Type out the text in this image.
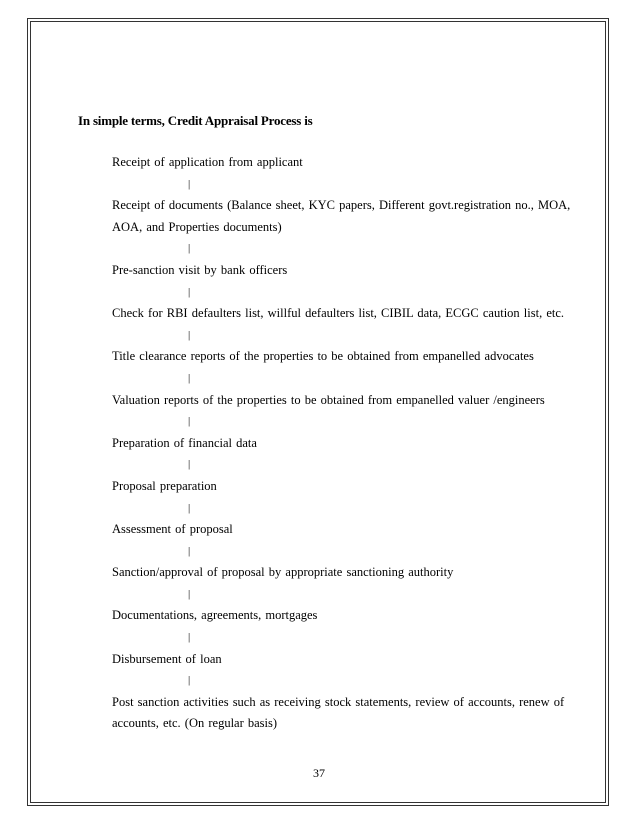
In simple terms, Credit Appraisal Process is

Receipt of application from applicant

|

Receipt of documents (Balance sheet, KYC papers, Different govt.registration no., MOA, AOA, and Properties documents)

|

Pre-sanction visit by bank officers

|

Check for RBI defaulters list, willful defaulters list, CIBIL data, ECGC caution list, etc.

|

Title clearance reports of the properties to be obtained from empanelled advocates

|

Valuation reports of the properties to be obtained from empanelled valuer /engineers

|

Preparation of financial data

|

Proposal preparation

|

Assessment of proposal

|

Sanction/approval of proposal by appropriate sanctioning authority

|

Documentations, agreements, mortgages

|

Disbursement of loan

|

Post sanction activities such as receiving stock statements, review of accounts, renew of accounts, etc. (On regular basis)

37
